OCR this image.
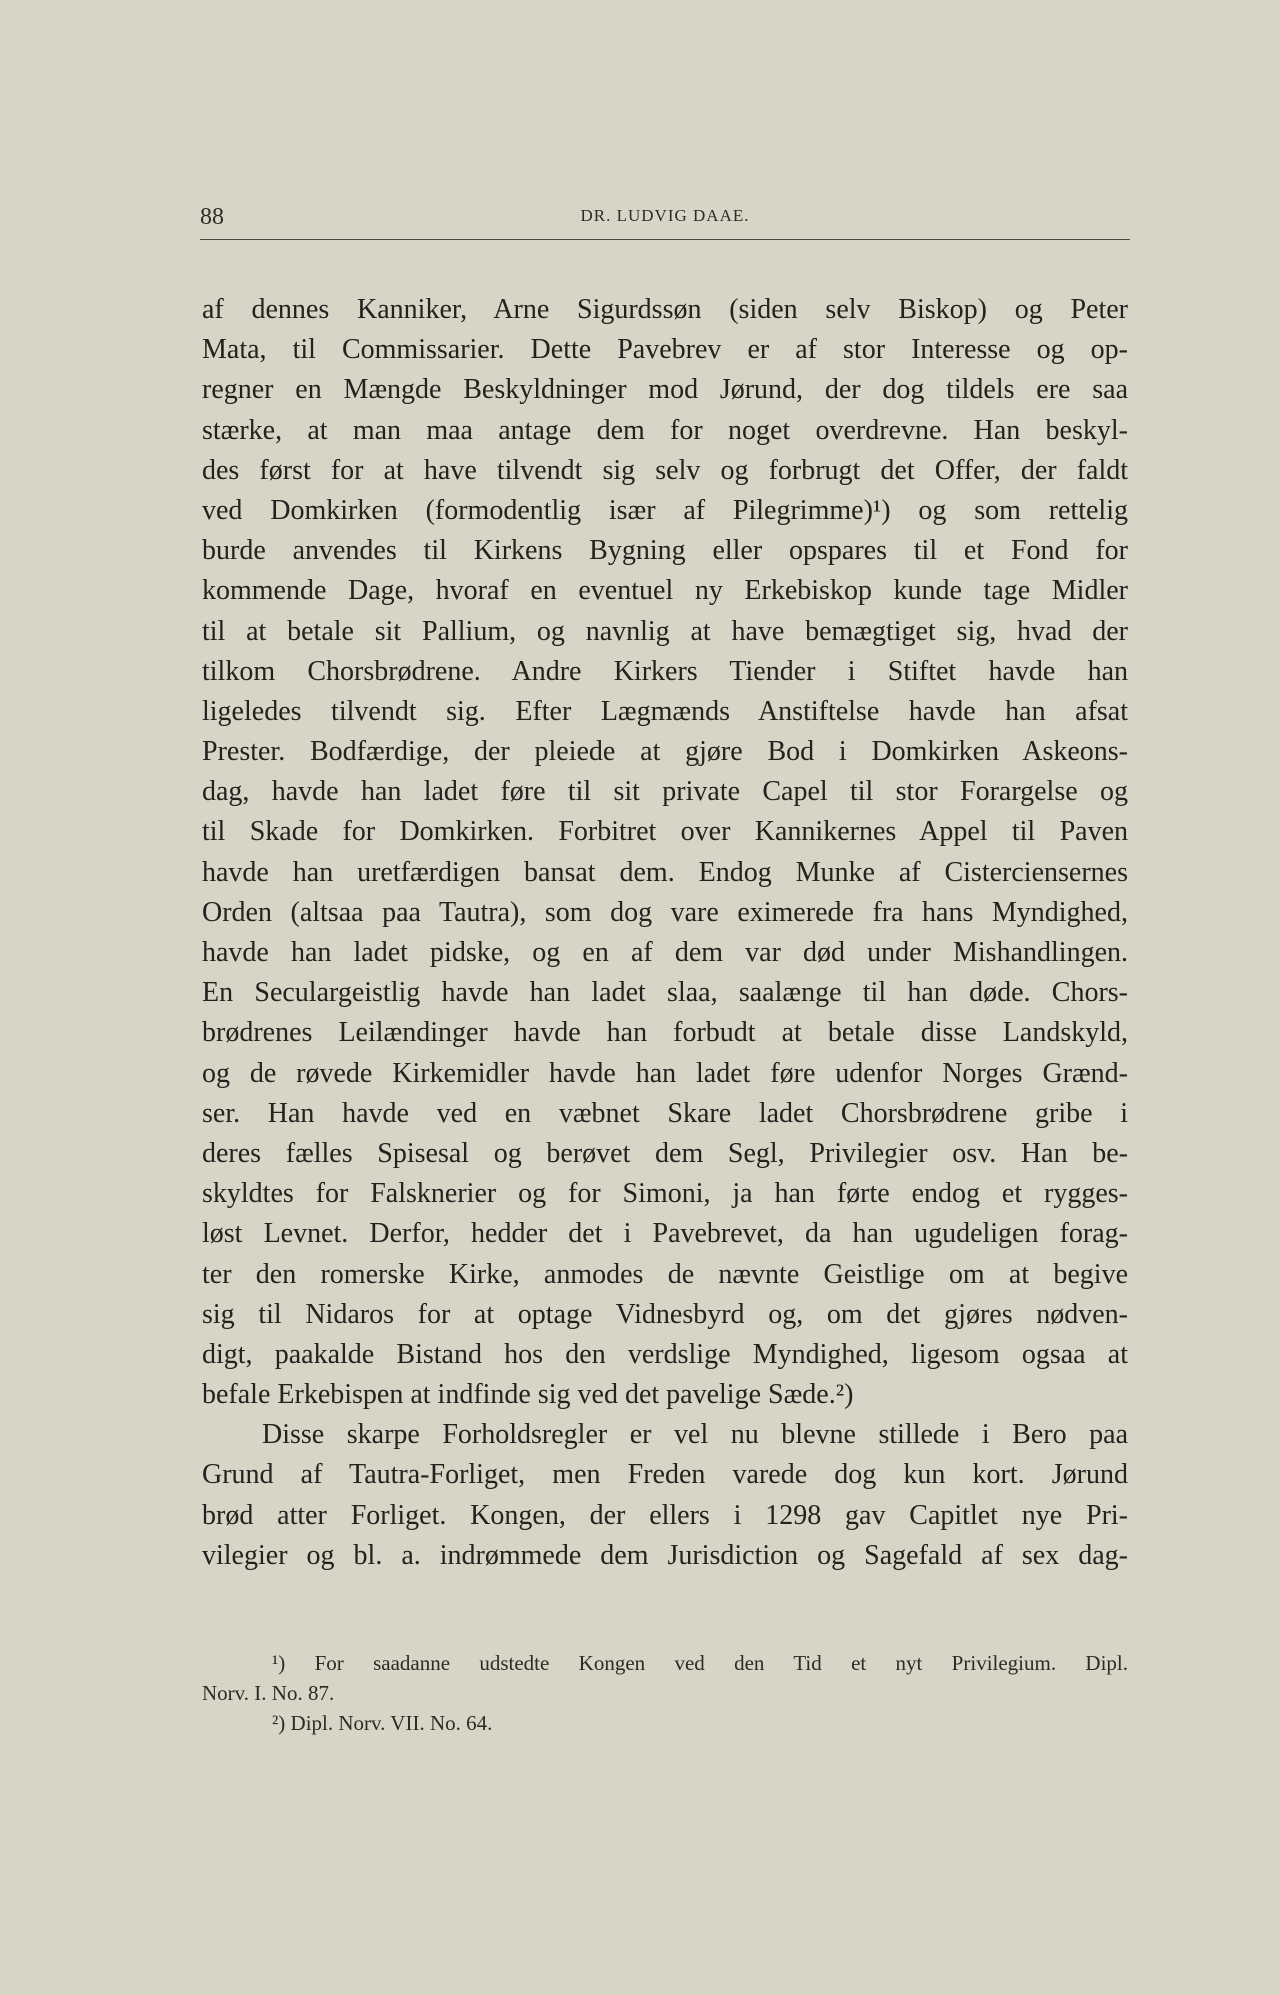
88	DR. LUDVIG DAAE.
af dennes Kanniker, Arne Sigurdssøn (siden selv Biskop) og Peter
Mata, til Commissarier. Dette Pavebrev er af stor Interesse og op-
regner en Mængde Beskyldninger mod Jørund, der dog tildels ere saa
stærke, at man maa antage dem for noget overdrevne. Han beskyl-
des først for at have tilvendt sig selv og forbrugt det Offer, der faldt
ved Domkirken (formodentlig især af Pilegrimme)¹) og som rettelig
burde anvendes til Kirkens Bygning eller opspares til et Fond for
kommende Dage, hvoraf en eventuel ny Erkebiskop kunde tage Midler
til at betale sit Pallium, og navnlig at have bemægtiget sig, hvad der
tilkom Chorsbrødrene. Andre Kirkers Tiender i Stiftet havde han
ligeledes tilvendt sig. Efter Lægmænds Anstiftelse havde han afsat
Prester. Bodfærdige, der pleiede at gjøre Bod i Domkirken Askeons-
dag, havde han ladet føre til sit private Capel til stor Forargelse og
til Skade for Domkirken. Forbitret over Kannikernes Appel til Paven
havde han uretfærdigen bansat dem. Endog Munke af Cisterciensernes
Orden (altsaa paa Tautra), som dog vare eximerede fra hans Myndighed,
havde han ladet pidske, og en af dem var død under Mishandlingen.
En Seculargeistlig havde han ladet slaa, saalænge til han døde. Chors-
brødrenes Leilændinger havde han forbudt at betale disse Landskyld,
og de røvede Kirkemidler havde han ladet føre udenfor Norges Grænd-
ser. Han havde ved en væbnet Skare ladet Chorsbrødrene gribe i
deres fælles Spisesal og berøvet dem Segl, Privilegier osv. Han be-
skyldtes for Falsknerier og for Simoni, ja han førte endog et rygges-
løst Levnet. Derfor, hedder det i Pavebrevet, da han ugudeligen forag-
ter den romerske Kirke, anmodes de nævnte Geistlige om at begive
sig til Nidaros for at optage Vidnesbyrd og, om det gjøres nødven-
digt, paakalde Bistand hos den verdslige Myndighed, ligesom ogsaa at
befale Erkebispen at indfinde sig ved det pavelige Sæde.²)
Disse skarpe Forholdsregler er vel nu blevne stillede i Bero paa
Grund af Tautra-Forliget, men Freden varede dog kun kort. Jørund
brød atter Forliget. Kongen, der ellers i 1298 gav Capitlet nye Pri-
vilegier og bl. a. indrømmede dem Jurisdiction og Sagefald af sex dag-
¹) For saadanne udstedte Kongen ved den Tid et nyt Privilegium. Dipl.
Norv. I. No. 87.
²) Dipl. Norv. VII. No. 64.
